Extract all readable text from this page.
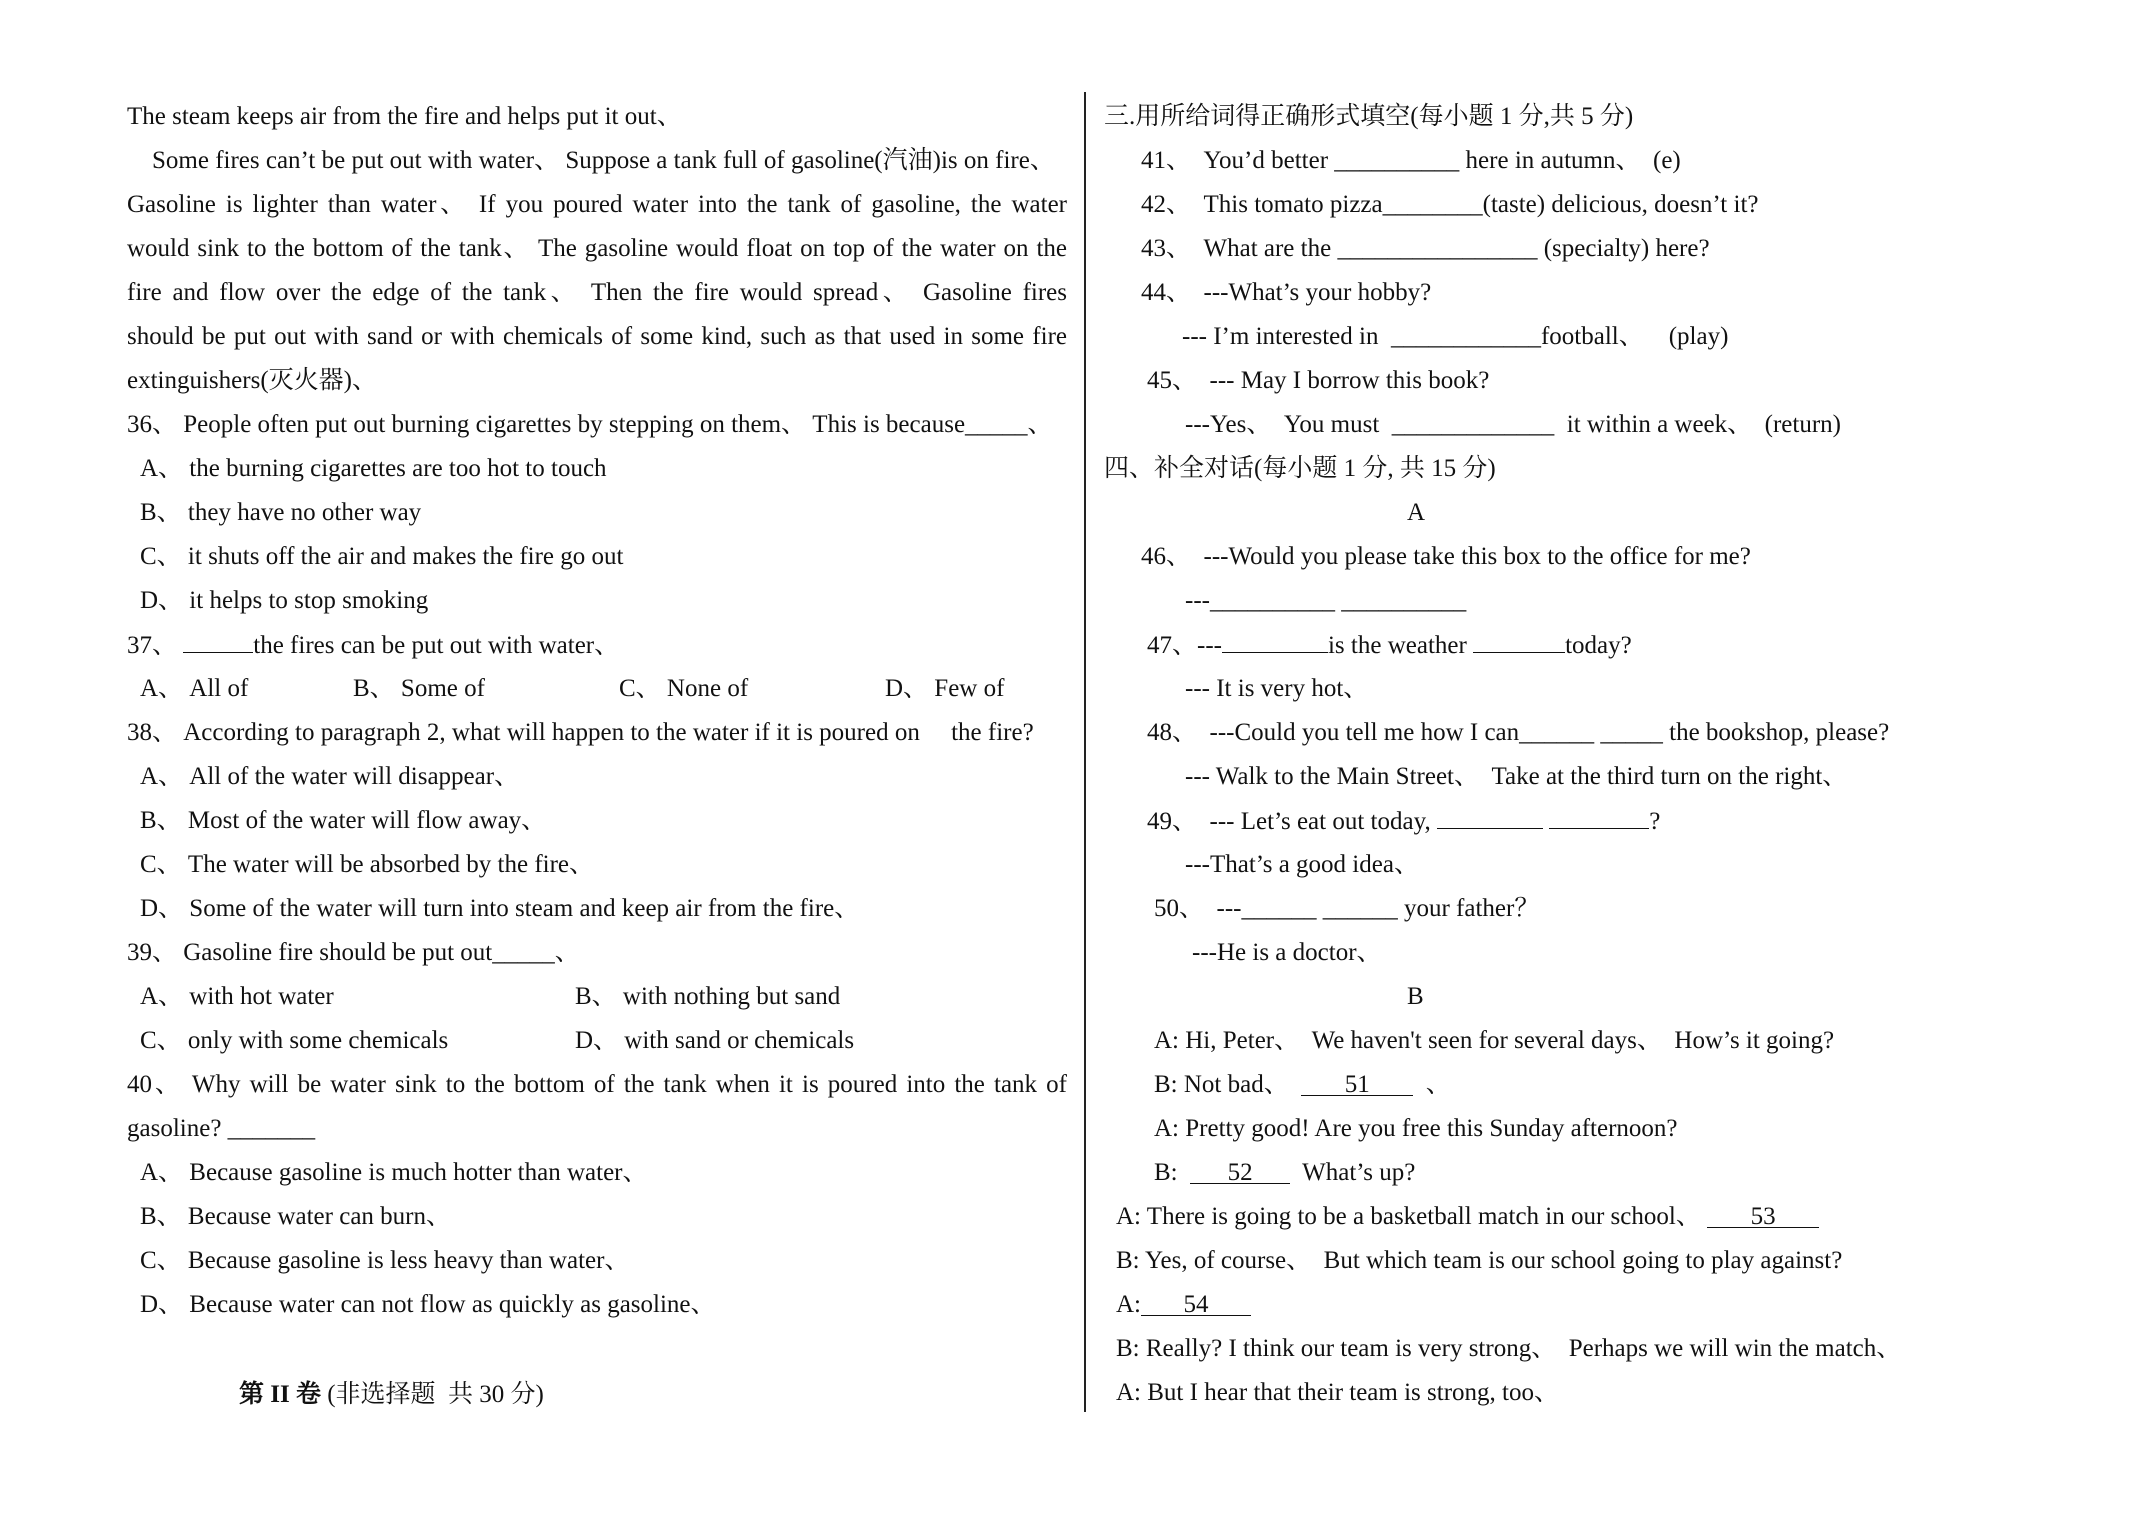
The steam keeps air from the fire and helps put it out、
Some fires can’t be put out with water、 Suppose a tank full of gasoline(汽油)is on fire、
Gasoline is lighter than water、 If you poured water into the tank of gasoline, the water
would sink to the bottom of the tank、 The gasoline would float on top of the water on the
fire and flow over the edge of the tank、 Then the fire would spread、 Gasoline fires
should be put out with sand or with chemicals of some kind, such as that used in some fire
extinguishers(灭火器)、
36、 People often put out burning cigarettes by stepping on them、 This is because_____、
A、 the burning cigarettes are too hot to touch
B、 they have no other way
C、 it shuts off the air and makes the fire go out
D、 it helps to stop smoking
37、	the fires can be put out with water、
A、 All of	B、 Some of	C、 None of	D、 Few of
38、 According to paragraph 2, what will happen to the water if it is poured on     the fire?
A、 All of the water will disappear、
B、 Most of the water will flow away、
C、 The water will be absorbed by the fire、
D、 Some of the water will turn into steam and keep air from the fire、
39、 Gasoline fire should be put out_____、
A、 with hot water	B、 with nothing but sand
C、 only with some chemicals	D、 with sand or chemicals
40、 Why will be water sink to the bottom of the tank when it is poured into the tank of
gasoline? _______
A、 Because gasoline is much hotter than water、
B、 Because water can burn、
C、 Because gasoline is less heavy than water、
D、 Because water can not flow as quickly as gasoline、
第 II 卷 (非选择题  共 30 分)
三.用所给词得正确形式填空(每小题 1 分,共 5 分)
41、  You’d better __________ here in autumn、  (e)
42、  This tomato pizza________(taste) delicious, doesn’t it?
43、  What are the ________________ (specialty) here?
44、  ---What’s your hobby?
--- I’m interested in  ____________football、    (play)
45、  --- May I borrow this book?
---Yes、  You must  _____________  it within a week、  (return)
四、补全对话(每小题 1 分, 共 15 分)
A
46、  ---Would you please take this box to the office for me?
---__________ __________
47、---	is the weather	today?
--- It is very hot、
48、  ---Could you tell me how I can______ _____ the bookshop, please?
--- Walk to the Main Street、  Take at the third turn on the right、
49、  --- Let’s eat out today,	?
---That’s a good idea、
50、  ---______ ______ your father？
---He is a doctor、
B
A: Hi, Peter、  We haven't seen for several days、  How’s it going?
B: Not bad、  51  、
A: Pretty good! Are you free this Sunday afternoon?
B:  52  What’s up?
A: There is going to be a basketball match in our school、 53
B: Yes, of course、  But which team is our school going to play against?
A: 54
B: Really? I think our team is very strong、  Perhaps we will win the match、
A: But I hear that their team is strong, too、
